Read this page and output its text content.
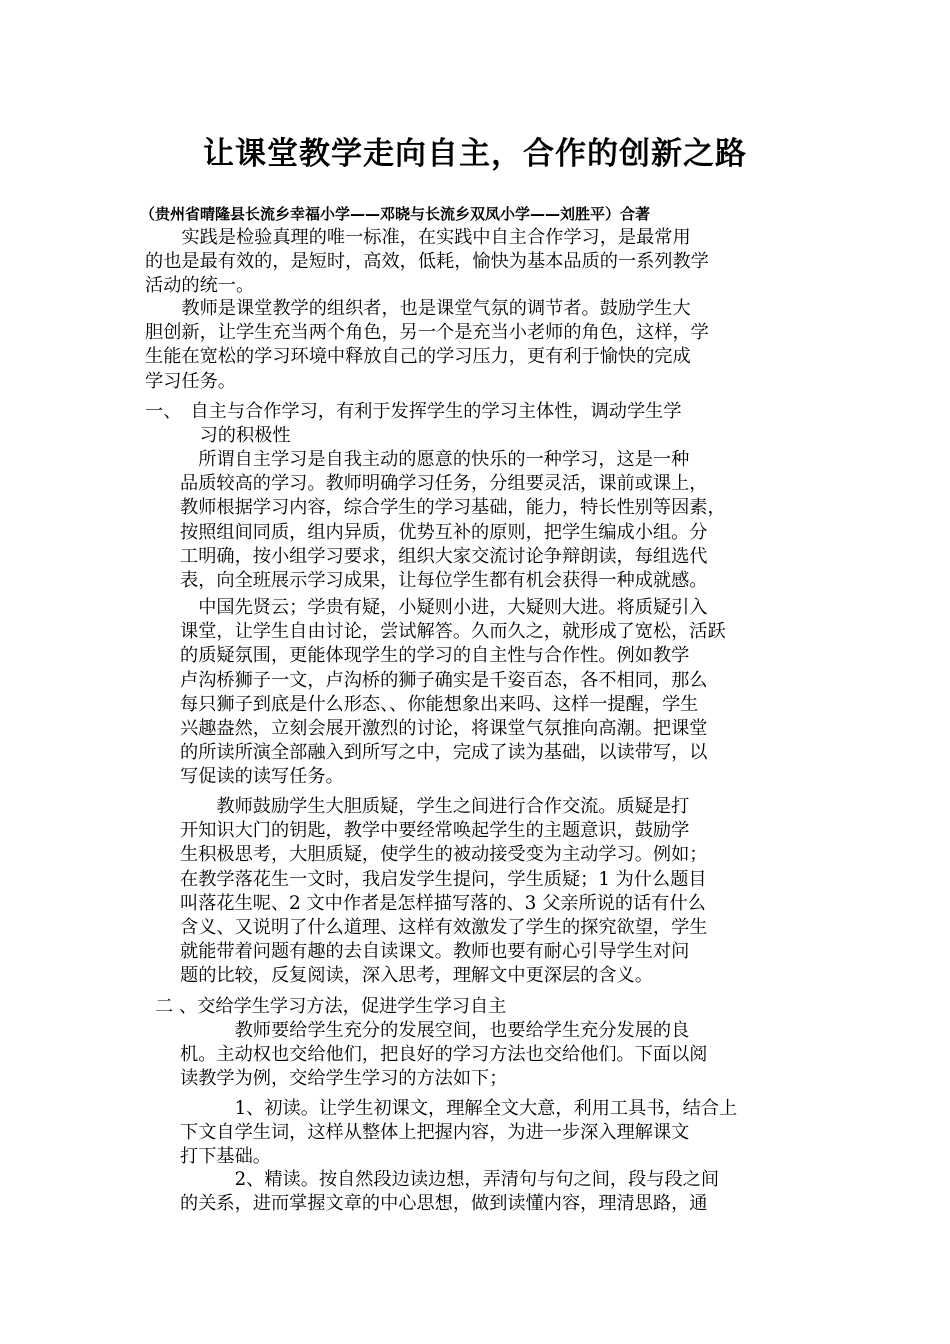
让课堂教学走向自主，合作的创新之路
（贵州省晴隆县长流乡幸福小学——邓晓与长流乡双凤小学——刘胜平）合著
　　实践是检验真理的唯一标准，在实践中自主合作学习，是最常用
的也是最有效的，是短时，高效，低耗，愉快为基本品质的一系列教学
活动的统一。
　　教师是课堂教学的组织者，也是课堂气氛的调节者。鼓励学生大
胆创新，让学生充当两个角色，另一个是充当小老师的角色，这样，学
生能在宽松的学习环境中释放自己的学习压力，更有利于愉快的完成
学习任务。
一、　自主与合作学习，有利于发挥学生的学习主体性，调动学生学
　　　习的积极性
　所谓自主学习是自我主动的愿意的快乐的一种学习，这是一种
品质较高的学习。教师明确学习任务，分组要灵活，课前或课上，
教师根据学习内容，综合学生的学习基础，能力，特长性别等因素，
按照组间同质，组内异质，优势互补的原则，把学生编成小组。分
工明确，按小组学习要求，组织大家交流讨论争辩朗读，每组选代
表，向全班展示学习成果，让每位学生都有机会获得一种成就感。
　中国先贤云；学贵有疑，小疑则小进，大疑则大进。将质疑引入
课堂，让学生自由讨论，尝试解答。久而久之，就形成了宽松，活跃
的质疑氛围，更能体现学生的学习的自主性与合作性。例如教学
卢沟桥狮子一文，卢沟桥的狮子确实是千姿百态，各不相同，那么
每只狮子到底是什么形态、、你能想象出来吗、这样一提醒，学生
兴趣盎然，立刻会展开激烈的讨论，将课堂气氛推向高潮。把课堂
的所读所演全部融入到所写之中，完成了读为基础，以读带写，以
写促读的读写任务。
　　教师鼓励学生大胆质疑，学生之间进行合作交流。质疑是打
开知识大门的钥匙，教学中要经常唤起学生的主题意识，鼓励学
生积极思考，大胆质疑，使学生的被动接受变为主动学习。例如；
在教学落花生一文时，我启发学生提问，学生质疑；1 为什么题目
叫落花生呢、2 文中作者是怎样描写落的、3 父亲所说的话有什么
含义、又说明了什么道理、这样有效激发了学生的探究欲望，学生
就能带着问题有趣的去自读课文。教师也要有耐心引导学生对问
题的比较，反复阅读，深入思考，理解文中更深层的含义。
二 、交给学生学习方法，促进学生学习自主
　　　教师要给学生充分的发展空间，也要给学生充分发展的良
机。主动权也交给他们，把良好的学习方法也交给他们。下面以阅
读教学为例，交给学生学习的方法如下；
　　　1、初读。让学生初课文，理解全文大意，利用工具书，结合上
下文自学生词，这样从整体上把握内容，为进一步深入理解课文
打下基础。
　　　2、精读。按自然段边读边想，弄清句与句之间，段与段之间
的关系，进而掌握文章的中心思想，做到读懂内容，理清思路，通
